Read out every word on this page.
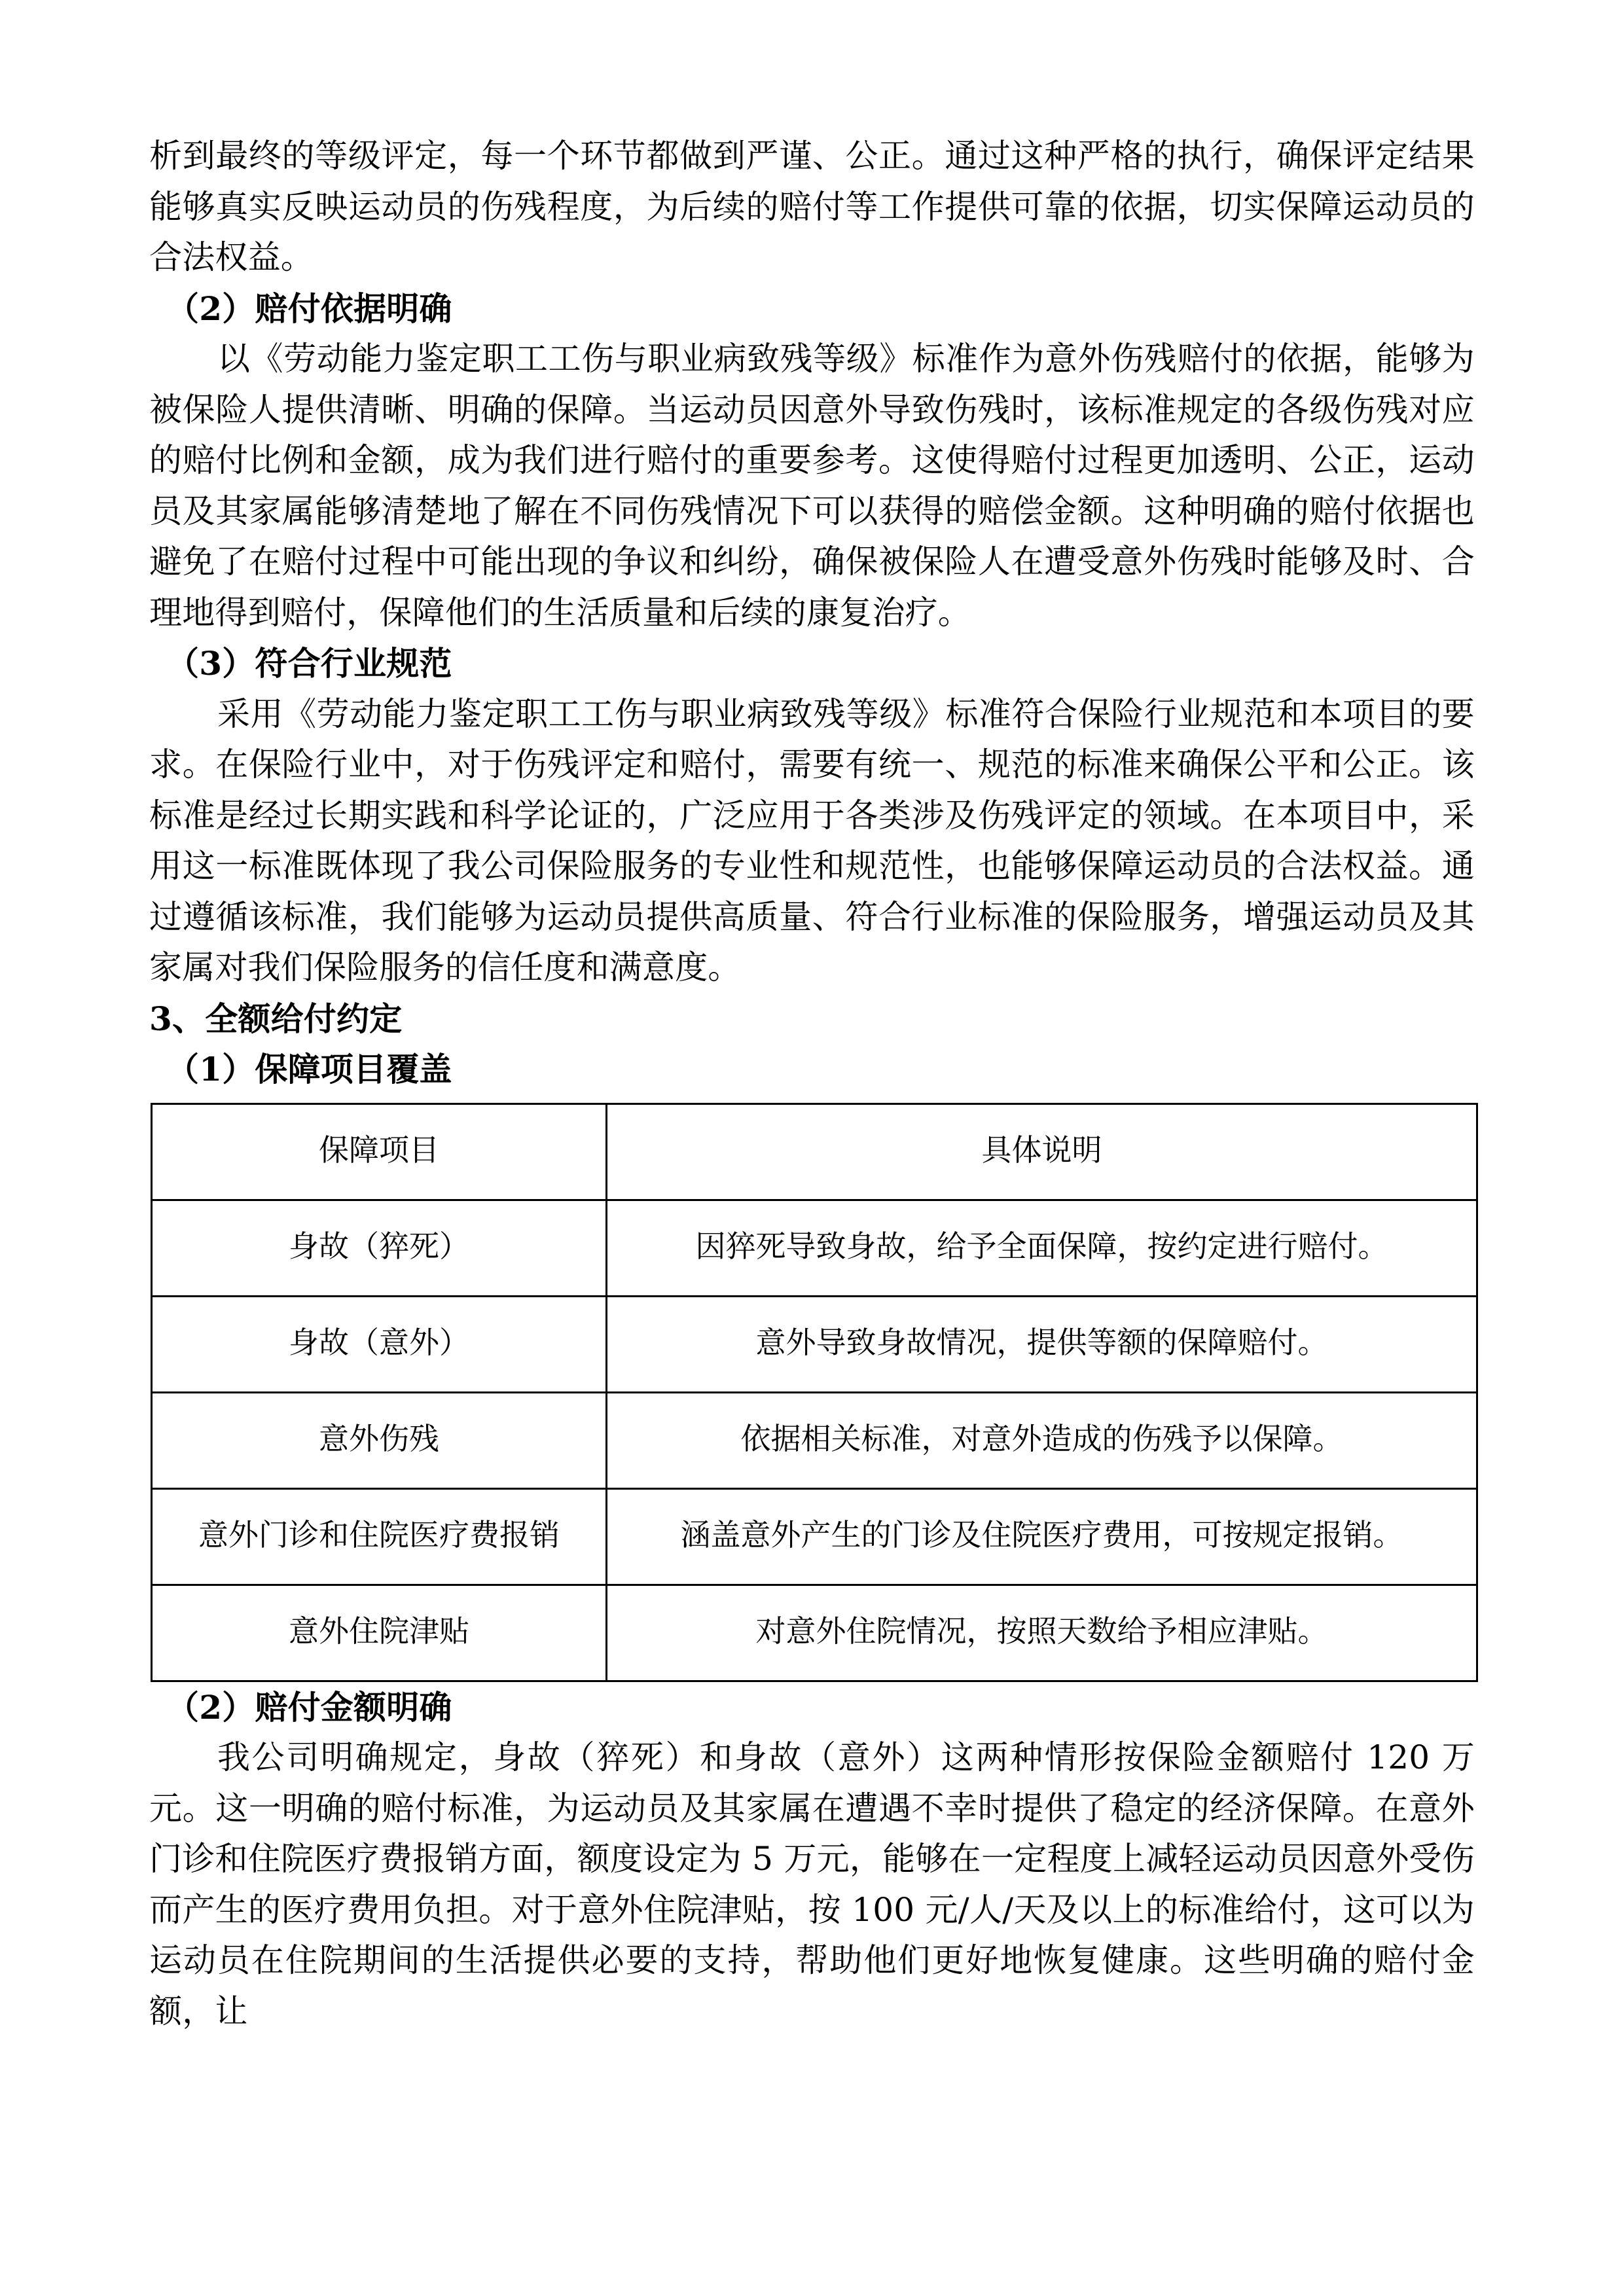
析到最终的等级评定，每一个环节都做到严谨、公正。通过这种严格的执行，确保评定结果能够真实反映运动员的伤残程度，为后续的赔付等工作提供可靠的依据，切实保障运动员的合法权益。

（2）赔付依据明确

以《劳动能力鉴定职工工伤与职业病致残等级》标准作为意外伤残赔付的依据，能够为被保险人提供清晰、明确的保障。当运动员因意外导致伤残时，该标准规定的各级伤残对应的赔付比例和金额，成为我们进行赔付的重要参考。这使得赔付过程更加透明、公正，运动员及其家属能够清楚地了解在不同伤残情况下可以获得的赔偿金额。这种明确的赔付依据也避免了在赔付过程中可能出现的争议和纠纷，确保被保险人在遭受意外伤残时能够及时、合理地得到赔付，保障他们的生活质量和后续的康复治疗。

（3）符合行业规范

采用《劳动能力鉴定职工工伤与职业病致残等级》标准符合保险行业规范和本项目的要求。在保险行业中，对于伤残评定和赔付，需要有统一、规范的标准来确保公平和公正。该标准是经过长期实践和科学论证的，广泛应用于各类涉及伤残评定的领域。在本项目中，采用这一标准既体现了我公司保险服务的专业性和规范性，也能够保障运动员的合法权益。通过遵循该标准，我们能够为运动员提供高质量、符合行业标准的保险服务，增强运动员及其家属对我们保险服务的信任度和满意度。

3、全额给付约定
（1）保障项目覆盖
保障项目	具体说明
身故（猝死）	因猝死导致身故，给予全面保障，按约定进行赔付。
身故（意外）	意外导致身故情况，提供等额的保障赔付。
意外伤残	依据相关标准，对意外造成的伤残予以保障。
意外门诊和住院医疗费报销	涵盖意外产生的门诊及住院医疗费用，可按规定报销。
意外住院津贴	对意外住院情况，按照天数给予相应津贴。
（2）赔付金额明确

我公司明确规定，身故（猝死）和身故（意外）这两种情形按保险金额赔付 120 万元。这一明确的赔付标准，为运动员及其家属在遭遇不幸时提供了稳定的经济保障。在意外门诊和住院医疗费报销方面，额度设定为 5 万元，能够在一定程度上减轻运动员因意外受伤而产生的医疗费用负担。对于意外住院津贴，按 100 元/人/天及以上的标准给付，这可以为运动员在住院期间的生活提供必要的支持，帮助他们更好地恢复健康。这些明确的赔付金额，让
